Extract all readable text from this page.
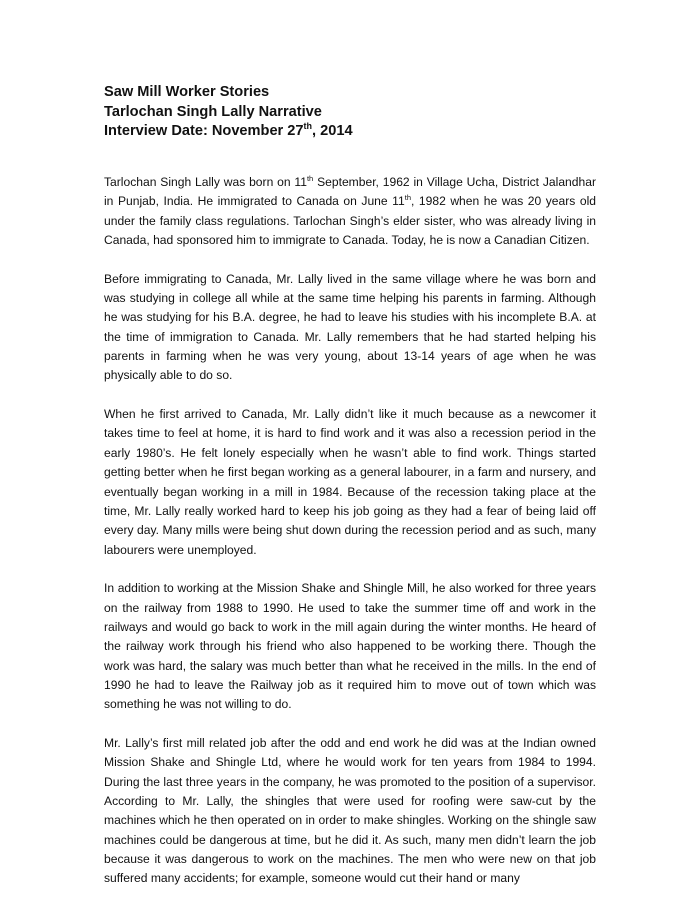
Saw Mill Worker Stories
Tarlochan Singh Lally Narrative
Interview Date: November 27th, 2014

Tarlochan Singh Lally was born on 11th September, 1962 in Village Ucha, District Jalandhar in Punjab, India. He immigrated to Canada on June 11th, 1982 when he was 20 years old under the family class regulations. Tarlochan Singh’s elder sister, who was already living in Canada, had sponsored him to immigrate to Canada. Today, he is now a Canadian Citizen.

Before immigrating to Canada, Mr. Lally lived in the same village where he was born and was studying in college all while at the same time helping his parents in farming. Although he was studying for his B.A. degree, he had to leave his studies with his incomplete B.A. at the time of immigration to Canada. Mr. Lally remembers that he had started helping his parents in farming when he was very young, about 13-14 years of age when he was physically able to do so.

When he first arrived to Canada, Mr. Lally didn’t like it much because as a newcomer it takes time to feel at home, it is hard to find work and it was also a recession period in the early 1980’s. He felt lonely especially when he wasn’t able to find work. Things started getting better when he first began working as a general labourer, in a farm and nursery, and eventually began working in a mill in 1984. Because of the recession taking place at the time, Mr. Lally really worked hard to keep his job going as they had a fear of being laid off every day. Many mills were being shut down during the recession period and as such, many labourers were unemployed.

In addition to working at the Mission Shake and Shingle Mill, he also worked for three years on the railway from 1988 to 1990. He used to take the summer time off and work in the railways and would go back to work in the mill again during the winter months. He heard of the railway work through his friend who also happened to be working there. Though the work was hard, the salary was much better than what he received in the mills. In the end of 1990 he had to leave the Railway job as it required him to move out of town which was something he was not willing to do.

Mr. Lally’s first mill related job after the odd and end work he did was at the Indian owned Mission Shake and Shingle Ltd, where he would work for ten years from 1984 to 1994. During the last three years in the company, he was promoted to the position of a supervisor. According to Mr. Lally, the shingles that were used for roofing were saw-cut by the machines which he then operated on in order to make shingles. Working on the shingle saw machines could be dangerous at time, but he did it. As such, many men didn’t learn the job because it was dangerous to work on the machines. The men who were new on that job suffered many accidents; for example, someone would cut their hand or many
